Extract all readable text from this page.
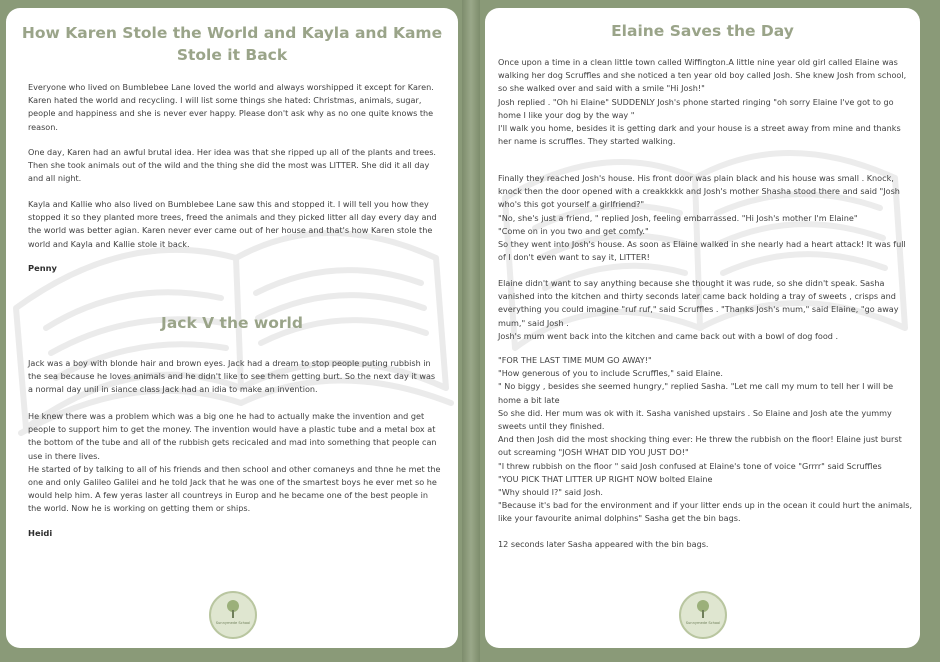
How Karen Stole the World and Kayla and Kame Stole it Back

Everyone who lived on Bumblebee Lane loved the world and always worshipped it except for Karen. Karen hated the world and recycling. I will list some things she hated: Christmas, animals, sugar, people and happiness and she is never ever happy. Please don't ask why as no one quite knows the reason.

One day, Karen had an awful brutal idea. Her idea was that she ripped up all of the plants and trees. Then she took animals out of the wild and the thing she did the most was LITTER. She did it all day and all night.

Kayla and Kallie who also lived on Bumblebee Lane saw this and stopped it. I will tell you how they stopped it so they planted more trees, freed the animals and they picked litter all day every day and the world was better agian. Karen never ever came out of her house and that's how Karen stole the world and Kayla and Kallie stole it back.

Penny
Jack V the world

Jack was a boy with blonde hair and brown eyes. Jack had a dream to stop people puting rubbish in the sea because he loves animals and he didn't like to see them getting burt. So the next day it was a normal day unil in siance class Jack had an idia to make an invention.

He knew there was a problem which was a big one he had to actually make the invention and get people to support him to get the money. The invention would have a plastic tube and a metal box at the bottom of the tube and all of the rubbish gets recicaled and mad into something that people can use in there lives.
He started of by talking to all of his friends and then school and other comaneys and thne he met the one and only Galileo Galilei and he told Jack that he was one of the smartest boys he ever met so he would help him. A few yeras laster all countreys in Europ and he became one of the best people in the world. Now he is working on getting them or ships.

Heidi
Sunnymede School
Elaine Saves the Day

Once upon a time in a clean little town called Wiffington.A little nine year old girl called Elaine was walking her dog Scruffles and she noticed a ten year old boy called Josh. She knew Josh from school, so she walked over and said with a smile "Hi Josh!"
Josh replied . "Oh hi Elaine" SUDDENLY Josh's phone started ringing "oh sorry Elaine I've got to go home I like your dog by the way "
I'll walk you home, besides it is getting dark and your house is a street away from mine and thanks her name is scruffles. They started walking.

Finally they reached Josh's house. His front door was plain black and his house was small . Knock, knock then the door opened with a creakkkkk and Josh's mother Shasha stood there and said "Josh who's this got yourself a girlfriend?"
"No, she's just a friend, " replied Josh, feeling embarrassed. "Hi Josh's mother I'm Elaine"
"Come on in you two and get comfy."
So they went into Josh's house. As soon as Elaine walked in she nearly had a heart attack! It was full of I don't even want to say it, LITTER!

Elaine didn't want to say anything because she thought it was rude, so she didn't speak. Sasha vanished into the kitchen and thirty seconds later came back holding a tray of sweets , crisps and everything you could imagine "ruf ruf," said Scruffles . "Thanks Josh's mum," said Elaine, "go away mum," said Josh .
Josh's mum went back into the kitchen and came back out with a bowl of dog food .

"FOR THE LAST TIME MUM GO AWAY!"
"How generous of you to include Scruffles," said Elaine.
" No biggy , besides she seemed hungry," replied Sasha. "Let me call my mum to tell her I will be home a bit late
So she did. Her mum was ok with it. Sasha vanished upstairs . So Elaine and Josh ate the yummy sweets until they finished.
And then Josh did the most shocking thing ever: He threw the rubbish on the floor! Elaine just burst out screaming "JOSH WHAT DID YOU JUST DO!"
"I threw rubbish on the floor " said Josh confused at Elaine's tone of voice "Grrrr" said Scruffles
"YOU PICK THAT LITTER UP RIGHT NOW bolted Elaine
"Why should I?" said Josh.
"Because it's bad for the environment and if your litter ends up in the ocean it could hurt the animals, like your favourite animal dolphins" Sasha get the bin bags.

12 seconds later Sasha appeared with the bin bags.

Sunnymede School
